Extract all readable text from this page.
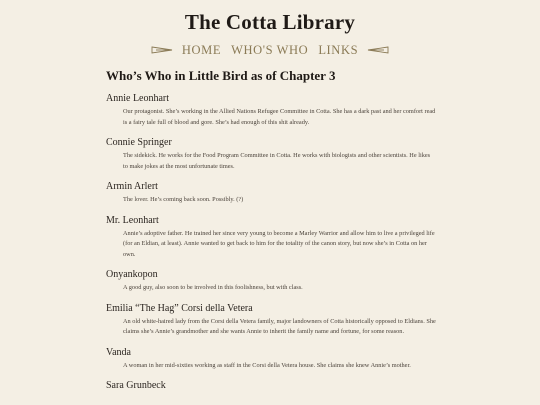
The Cotta Library
HOME WHO'S WHO LINKS
Who’s Who in Little Bird as of Chapter 3
Annie Leonhart

Our protagonist. She’s working in the Allied Nations Refugee Committee in Cotta. She has a dark past and her comfort read is a fairy tale full of blood and gore. She’s had enough of this shit already.

Connie Springer

The sidekick. He works for the Food Program Committee in Cotta. He works with biologists and other scientists. He likes to make jokes at the most unfortunate times.

Armin Arlert

The lover. He’s coming back soon. Possibly. (?)

Mr. Leonhart

Annie’s adoptive father. He trained her since very young to become a Marley Warrior and allow him to live a privileged life (for an Eldian, at least). Annie wanted to get back to him for the totality of the canon story, but now she’s in Cotta on her own.

Onyankopon

A good guy, also soon to be involved in this foolishness, but with class.

Emilia “The Hag” Corsi della Vetera

An old white-haired lady from the Corsi della Vetera family, major landowners of Cotta historically opposed to Eldians. She claims she’s Annie’s grandmother and she wants Annie to inherit the family name and fortune, for some reason.

Vanda

A woman in her mid-sixties working as staff in the Corsi della Vetera house. She claims she knew Annie’s mother.

Sara Grunbeck
